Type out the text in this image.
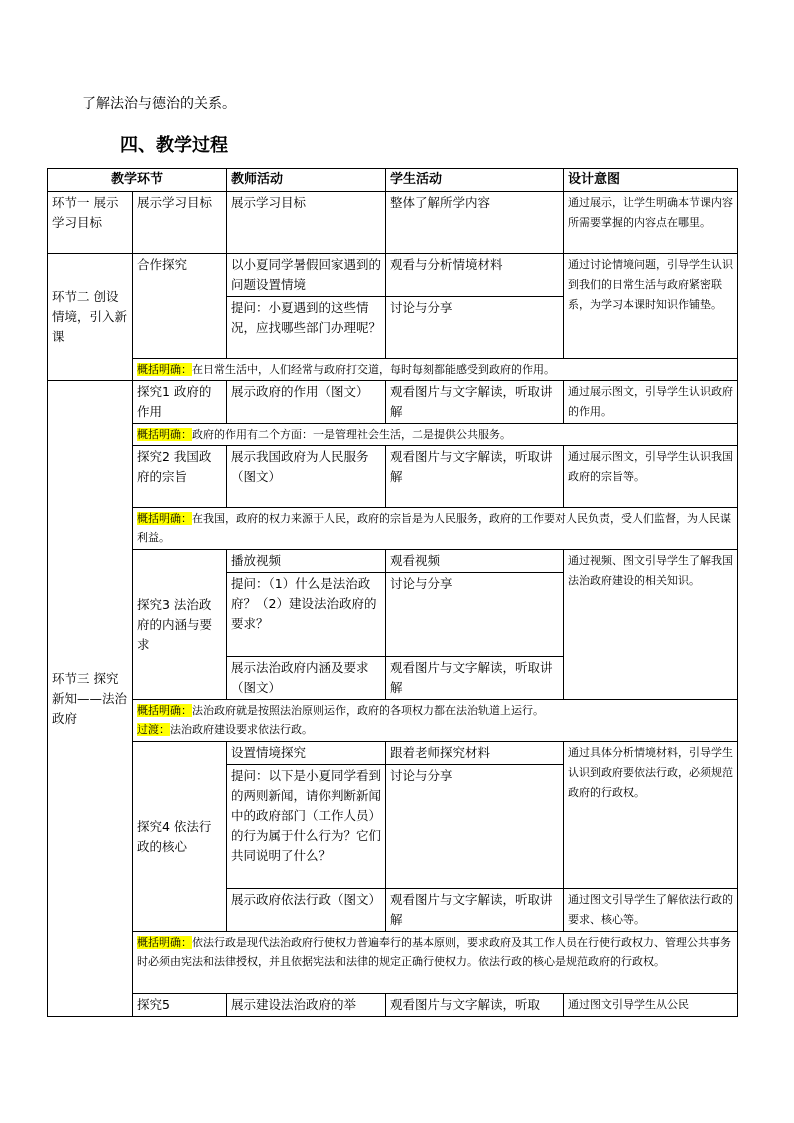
了解法治与德治的关系。
四、教学过程
教学环节		教师活动	学生活动	设计意图
环节一 展示学习目标	展示学习目标	展示学习目标	整体了解所学内容	通过展示，让学生明确本节课内容所需要掌握的内容点在哪里。
环节二 创设情境，引入新课	合作探究	以小夏同学暑假回家遇到的问题设置情境	观看与分析情境材料	通过讨论情境问题，引导学生认识到我们的日常生活与政府紧密联系，为学习本课时知识作铺垫。
		提问：小夏遇到的这些情况，应找哪些部门办理呢？	讨论与分享	
	概括明确：在日常生活中，人们经常与政府打交道，每时每刻都能感受到政府的作用。			
环节三 探究新知——法治政府	探究1 政府的作用	展示政府的作用（图文）	观看图片与文字解读，听取讲解	通过展示图文，引导学生认识政府的作用。
	概括明确：政府的作用有二个方面：一是管理社会生活，二是提供公共服务。			
	探究2 我国政府的宗旨	展示我国政府为人民服务（图文）	观看图片与文字解读，听取讲解	通过展示图文，引导学生认识我国政府的宗旨等。
	概括明确：在我国，政府的权力来源于人民，政府的宗旨是为人民服务，政府的工作要对人民负责，受人们监督，为人民谋利益。			
	探究3 法治政府的内涵与要求	播放视频	观看视频	通过视频、图文引导学生了解我国法治政府建设的相关知识。
		提问：（1）什么是法治政府？（2）建设法治政府的要求？	讨论与分享	
		展示法治政府内涵及要求（图文）	观看图片与文字解读，听取讲解	
	概括明确：法治政府就是按照法治原则运作，政府的各项权力都在法治轨道上运行。
过渡：法治政府建设要求依法行政。			
	探究4 依法行政的核心	设置情境探究	跟着老师探究材料	通过具体分析情境材料，引导学生认识到政府要依法行政，必须规范政府的行政权。
		提问：以下是小夏同学看到的两则新闻，请你判断新闻中的政府部门（工作人员）的行为属于什么行为？它们共同说明了什么？	讨论与分享	
		展示政府依法行政（图文）	观看图片与文字解读，听取讲解	通过图文引导学生了解依法行政的要求、核心等。
	概括明确：依法行政是现代法治政府行使权力普遍奉行的基本原则，要求政府及其工作人员在行使行政权力、管理公共事务时必须由宪法和法律授权，并且依据宪法和法律的规定正确行使权力。依法行政的核心是规范政府的行政权。			
	探究5	展示建设法治政府的举	观看图片与文字解读，听取	通过图文引导学生从公民
